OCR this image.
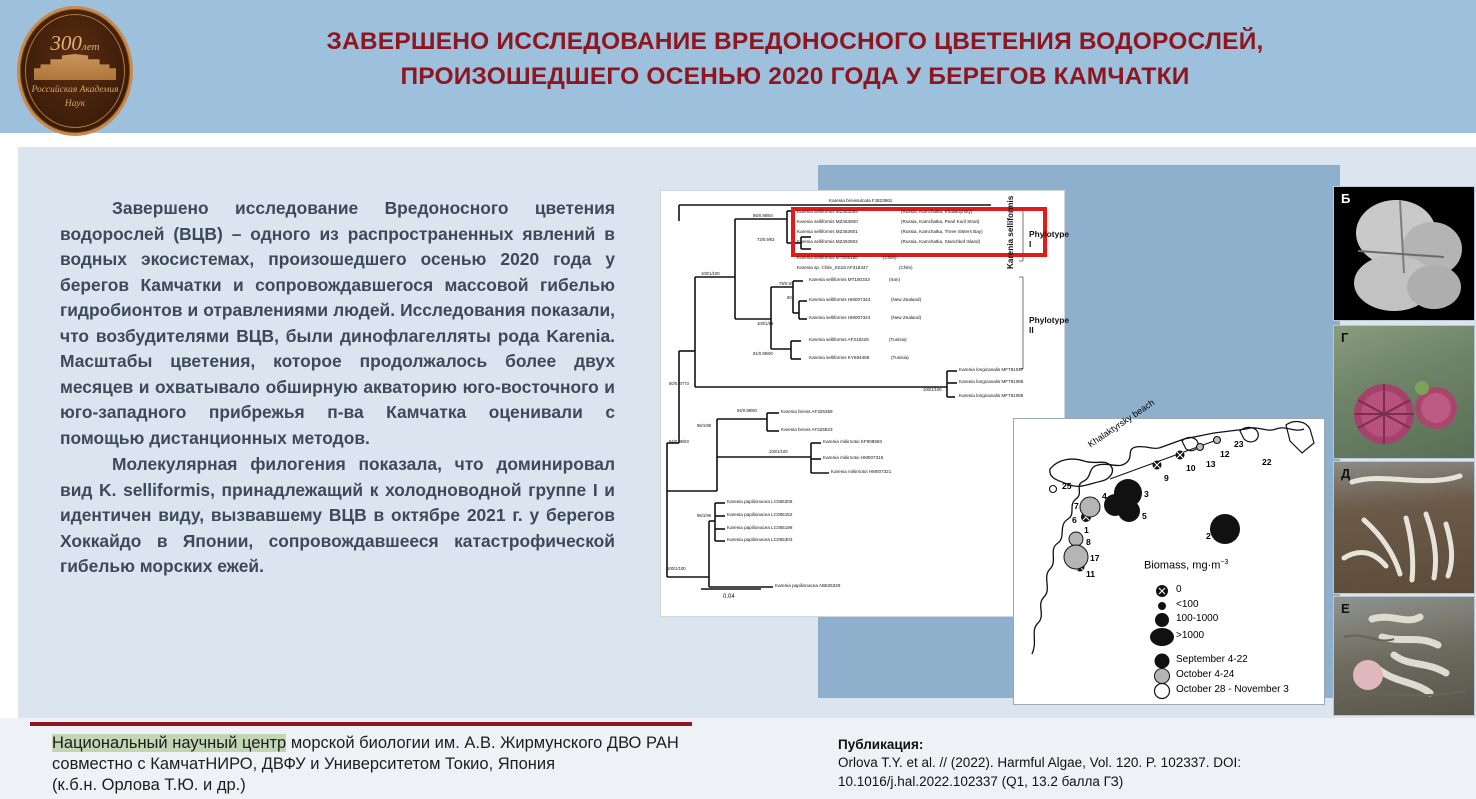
300лет
Российская Академия
Наук
ЗАВЕРШЕНО ИССЛЕДОВАНИЕ ВРЕДОНОСНОГО ЦВЕТЕНИЯ ВОДОРОСЛЕЙ,
ПРОИЗОШЕДШЕГО ОСЕНЬЮ 2020 ГОДА У БЕРЕГОВ КАМЧАТКИ

Завершено исследование Вредоносного цветения водорослей (ВЦВ) – одного из распространенных явлений в водных экосистемах, произошедшего осенью 2020 года у берегов Камчатки и сопровождавшегося массовой гибелью гидробионтов и отравлениями людей. Исследования показали, что возбудителями ВЦВ, были динофлагелляты рода Karenia. Масштабы цветения, которое продолжалось более двух месяцев и охватывало обширную акваторию юго-восточного и юго-западного прибрежья п-ва Камчатка оценивали с помощью дистанционных методов.

Молекулярная филогения показала, что доминировал вид K. selliformis, принадлежащий к холодноводной группе I и идентичен виду, вызвавшему ВЦВ в октябре 2021 г. у берегов Хоккайдо в Японии, сопровождавшееся катастрофической гибелью морских ежей.

Karenia brevisulcata FJ823961
Karenia selliformis MZ463599
Karenia selliformis MZ463600
Karenia selliformis MZ463601
Karenia selliformis MZ463602
(Russia, Kamchatka, Khalaktyrsky)
(Russia, Kamchatka, Pearl Kuril Strait)
(Russia, Kamchatka, Three Sisters Bay)
(Russia, Kamchatka, Starichkof Island)
Karenia selliformis MT808180	(Chile)
Karenia sp. Chile_SS18 AF318347	(Chile)
Karenia selliformis MT180343	(Iran)
Karenia selliformis HM007343	(New Zealand)
Karenia selliformis HM007324	(New Zealand)
Karenia selliformis AF318226	(Tunisia)
Karenia selliformis KY694468	(Tunisia)
Karenia longicanalis MF781047
Karenia longicanalis MF781065
Karenia longicanalis MF781066
Karenia brevis AF325359
Karenia brevis AF325823
Karenia mikimotoi KF908583
Karenia mikimotoi HM007316
Karenia mikimotoi HM007321
Karenia papilionacea LC065306
Karenia papilionacea LC065152
Karenia papilionacea LC065198
Karenia papilionacea LC065303
Karenia papilionacea AB625326
86/0.98/84
73/0.9/63
100/1/100
80/0.67/73
100/1/89
79/0.9/-
80
81/0.89/90
94/0.99/93
100/1/100
94/0.98/90
96/1/98
100/1/100
95/1/99
100/1/100
Karenia selliformis Phylotype I
Phylotype II
0.04
Khalaktyrsky beach
25
7
6
1
8
17
11
4	3
5
9
10 13
12
23
22
2
Biomass, $mg\cdot m^{-3}$
0
<100
100-1000
>1000
September 4-22
October 4-24
October 28 - November 3
Б
Г
Д
Е
Национальный научный центр морской биологии им. А.В. Жирмунского ДВО РАН
совместно с КамчатНИРО, ДВФУ и Университетом Токио, Япония
(к.б.н. Орлова Т.Ю. и др.)
Публикация:
Orlova T.Y. et al. // (2022). Harmful Algae, Vol. 120. P. 102337. DOI:
10.1016/j.hal.2022.102337 (Q1, 13.2 балла ГЗ)
